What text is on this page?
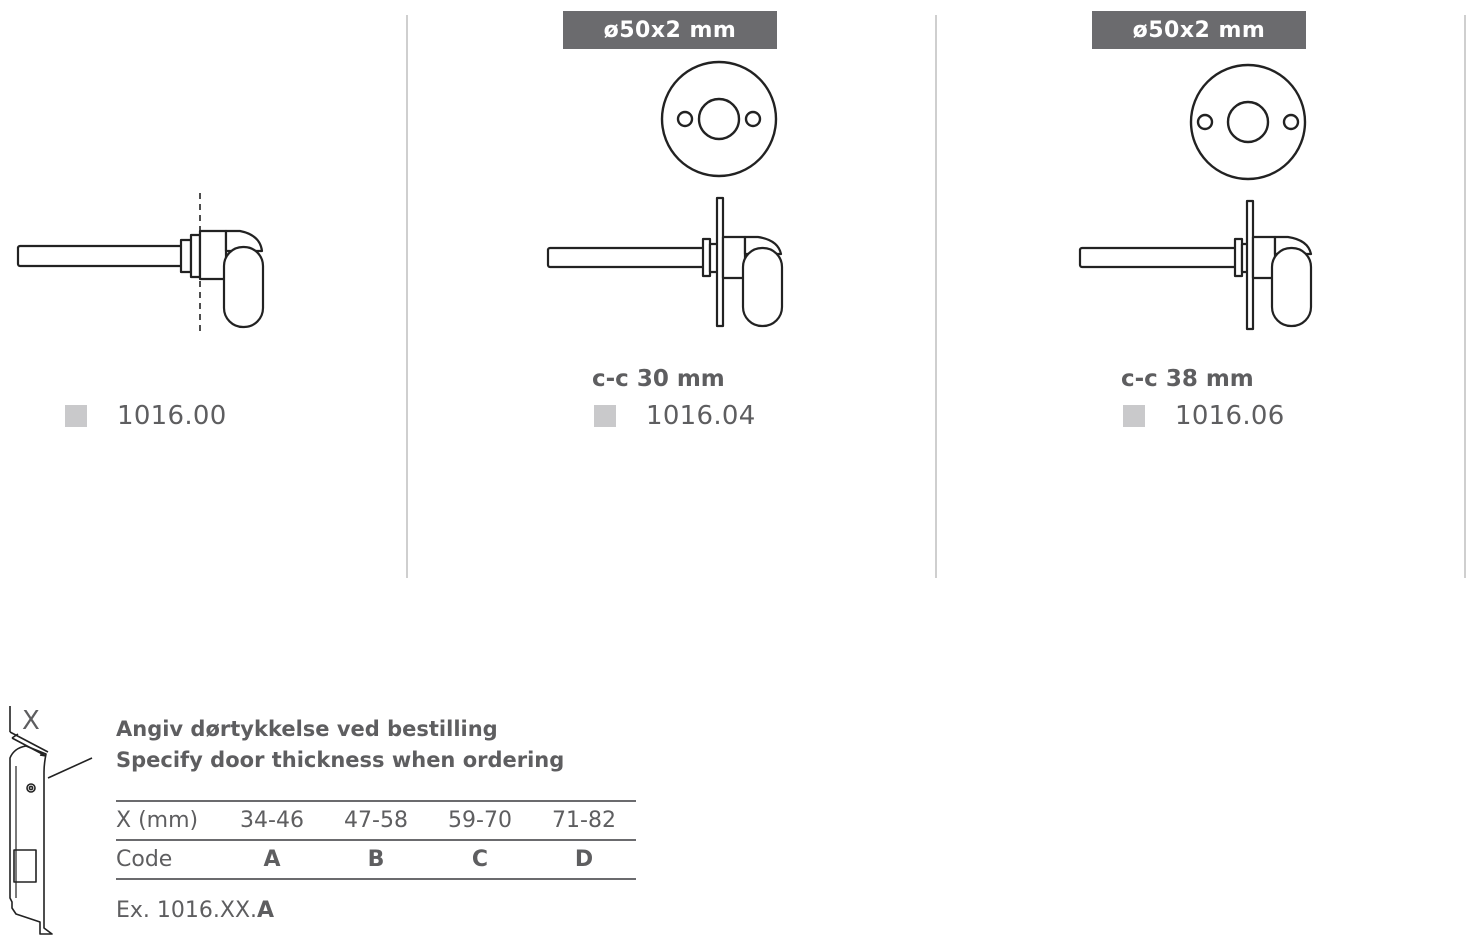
1016.00
ø50x2 mm
c-c 30 mm
1016.04
ø50x2 mm
c-c 38 mm
1016.06
X	Angiv dørtykkelse ved bestilling
Specify door thickness when ordering
X (mm)	34-46	47-58	59-70	71-82
Code	A	B	C	D
Ex. 1016.XX.A
